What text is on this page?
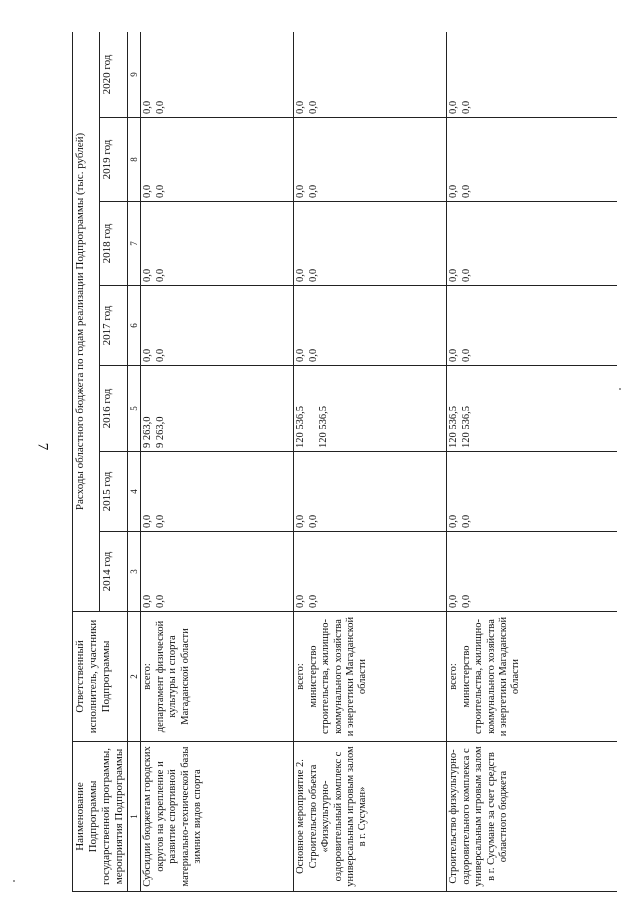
7
Наименование Подпрограммы государственной программы, мероприятия Подпрограммы	Ответственный исполнитель, участники Подпрограммы	Расходы областного бюджета по годам реализации Подпрограммы (тыс. рублей)						
		2014 год	2015 год	2016 год	2017 год	2018 год	2019 год	2020 год
1	2	3	4	5	6	7	8	9
Субсидии бюджетам городских округов на укрепление и развитие спортивной материально-технической базы зимних видов спорта	всего: департамент физической культуры и спорта Магаданской области	0,0 0,0	0,0 0,0	9 263,0 9 263,0	0,0 0,0	0,0 0,0	0,0 0,0	0,0 0,0

Основное мероприятие 2. Строительство объекта «Физкультурно-оздоровительный комплекс с универсальным игровым залом в г. Сусуман»	всего: министерство строительства, жилищно-коммунального хозяйства и энергетики Магаданской области	0,0 0,0	0,0 0,0	120 536,5 120 536,5	0,0 0,0	0,0 0,0	0,0 0,0	0,0 0,0

Строительство физкультурно-оздоровительного комплекса с универсальным игровым залом в г. Сусумане за счет средств областного бюджета	всего: министерство строительства, жилищно-коммунального хозяйства и энергетики Магаданской области	0,0 0,0	0,0 0,0	120 536,5 120 536,5	0,0 0,0	0,0 0,0	0,0 0,0	0,0 0,0
